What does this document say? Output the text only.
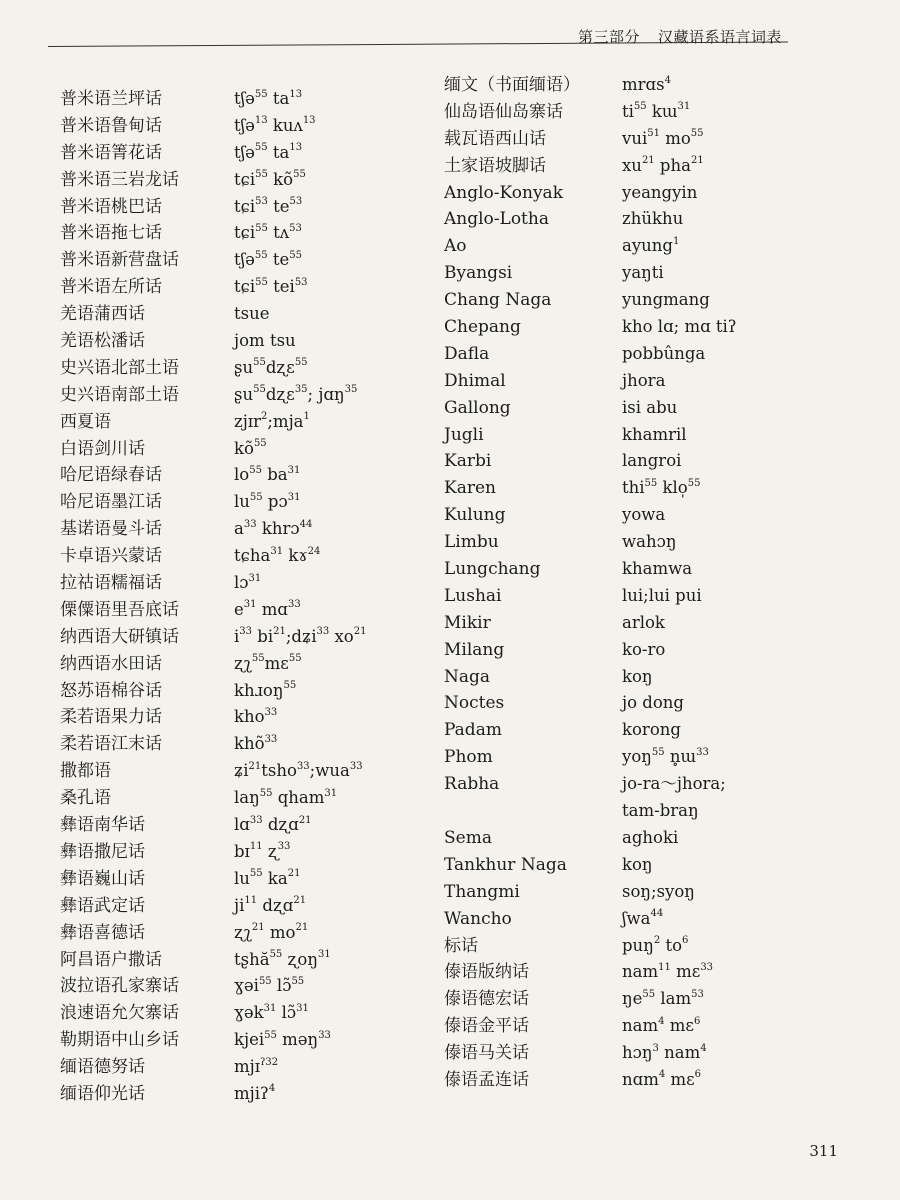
第三部分 汉藏语系语言词表
普米语兰坪话
普米语鲁甸话
普米语箐花话
普米语三岩龙话
普米语桃巴话
普米语拖七话
普米语新营盘话
普米语左所话
羌语蒲西话
羌语松潘话
史兴语北部土语
史兴语南部土语
西夏语
白语剑川话
哈尼语绿春话
哈尼语墨江话
基诺语曼斗话
卡卓语兴蒙话
拉祜语糯福话
傈僳语里吾底话
纳西语大研镇话
纳西语水田话
怒苏语棉谷话
柔若语果力话
柔若语江末话
撒都语
桑孔语
彝语南华话
彝语撒尼话
彝语巍山话
彝语武定话
彝语喜德话
阿昌语户撒话
波拉语孔家寨话
浪速语允欠寨话
勒期语中山乡话
缅语德努话
缅语仰光话
tʃə$^{55}$ $ta^{13}$
tʃə$^{13}$ kuʌ$^{13}$
tʃə$^{55}$ $ta^{13}$
tɕi$^{55}$ $kõ^{55}$
tɕi$^{53}$ $te^{53}$
tɕi$^{55}$ tʌ$^{53}$
tʃə$^{55}$ $te^{55}$
tɕi$^{55}$ tei$^{53}$
tsue
jom tsu
ʂu$^{55}$dʐɛ$^{55}$
ʂu$^{55}$dʐɛ$^{35}$; jɑŋ$^{35}$
zjɪr$^2$;mja$^1$
$kõ^{55}$
$lo^{55}$ $ba^{31}$
$lu^{55}$ pɔ$^{31}$
$a^{33}$ khrɔ$^{44}$
tɕha$^{31}$ kɤ$^{24}$
lɔ$^{31}$
$e^{31}$ mɑ$^{33}$
$i^{33}$ $bi^{21};dʑi^{33}$ $xo^{21}$
ʐʅ$^{55}$mɛ$^{55}$
khɹoŋ$^{55}$
kho$^{33}$
khõ$^{33}$
ʑi$^{21}$tsho$^{33}$;wua$^{33}$
laŋ$^{55}$ qham$^{31}$
lɑ$^{33}$ dʐɑ$^{21}$
bɪ$^{11}$ ʐ$^{33}$
$lu^{55}$ $ka^{21}$
$ji^{11}$ dʐɑ$^{21}$
ʐʅ$^{21}$ $mo^{21}$
tʂhă$^{55}$ ʐoŋ$^{31}$
ɣəi$^{55}$ lɔ̃$^{55}$
ɣək$^{31}$ lɔ̃$^{31}$
kjei$^{55}$ məŋ$^{33}$
mjɪ$^{ʔ32}$
mjiʔ$^4$
缅文（书面缅语）
仙岛语仙岛寨话
载瓦语西山话
土家语坡脚话
Anglo-Konyak
Anglo-Lotha
Ao
Byangsi
Chang Naga
Chepang
Dafla
Dhimal
Gallong
Jugli
Karbi
Karen
Kulung
Limbu
Lungchang
Lushai
Mikir
Milang
Naga
Noctes
Padam
Phom
Rabha
Sema
Tankhur Naga
Thangmi
Wancho
标话
傣语版纳话
傣语德宏话
傣语金平话
傣语马关话
傣语孟连话
mrɑs$^4$
$ti^{55}$ kɯ$^{31}$
vui$^{51}$ $mo^{55}$
$xu^{21}$ pha$^{21}$
yeangyin
zhükhu
ayung$^1$
yaŋti
yungmang
kho lɑ; mɑ tiʔ
pobbûnga
jhora
isi abu
khamril
langroi
thi$^{55}$ klo̩$^{55}$
yowa
wahɔŋ
khamwa
lui;lui pui
arlok
ko-ro
koŋ
jo dong
korong
yoŋ$^{55}$ n̥ɯ$^{33}$
jo-ra～jhora;
tam-braŋ
aghoki
koŋ
soŋ;syoŋ
ʃwa$^{44}$
puŋ$^2$ $to^6$
nam$^{11}$ mɛ$^{33}$
$ŋe^{55}$ lam$^{53}$
nam$^4$ mɛ$^6$
hɔŋ$^3$ nam$^4$
nɑm$^4$ mɛ$^6$
311
